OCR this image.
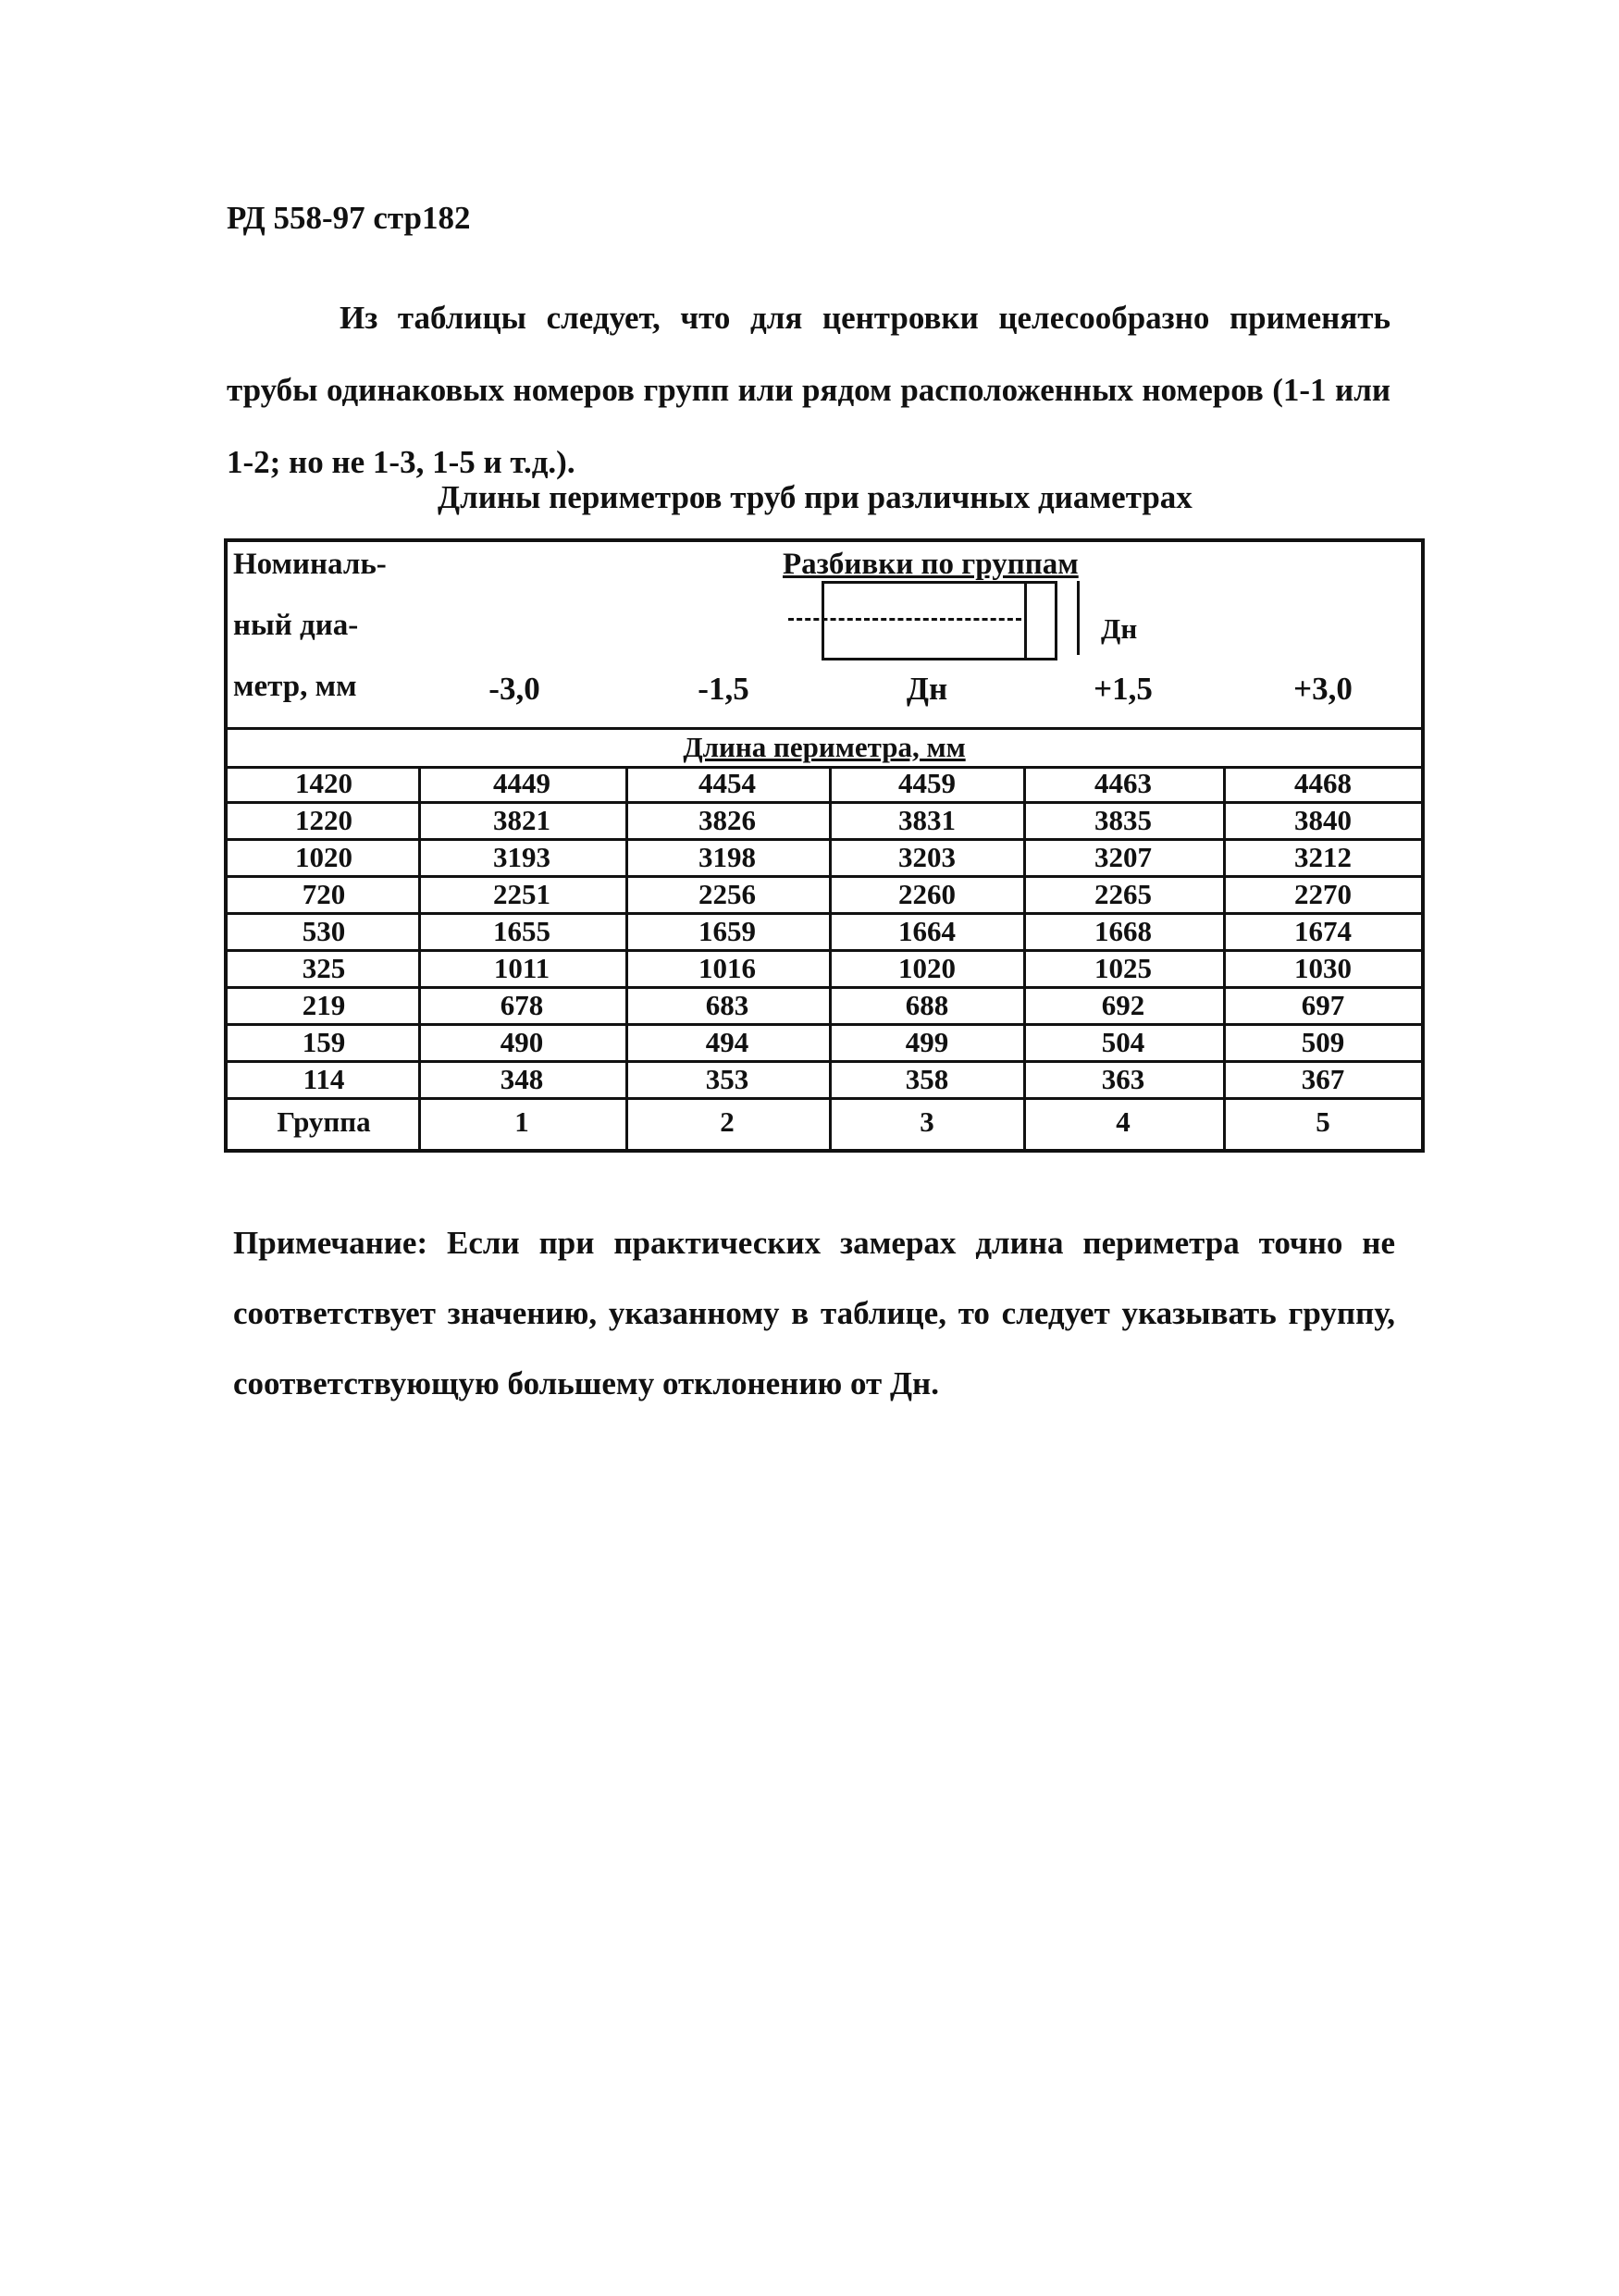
РД 558-97 стр182
Из таблицы следует, что для центровки целесообразно применять трубы одинаковых номеров групп или рядом расположенных номеров (1-1 или 1-2; но не 1-3, 1-5 и т.д.).
Длины периметров труб при различных диаметрах
Номиналь-
ный диа-
метр, мм
Разбивки по группам
Дн
-3,0	-1,5	Дн	+1,5	+3,0
Длина периметра, мм
1420	4449	4454	4459	4463	4468
1220	3821	3826	3831	3835	3840
1020	3193	3198	3203	3207	3212
720	2251	2256	2260	2265	2270
530	1655	1659	1664	1668	1674
325	1011	1016	1020	1025	1030
219	678	683	688	692	697
159	490	494	499	504	509
114	348	353	358	363	367
Группа	1	2	3	4	5
Примечание: Если при практических замерах длина периметра точно не соответствует значению, указанному в таблице, то следует указывать группу, соответствующую большему отклонению от Дн.
